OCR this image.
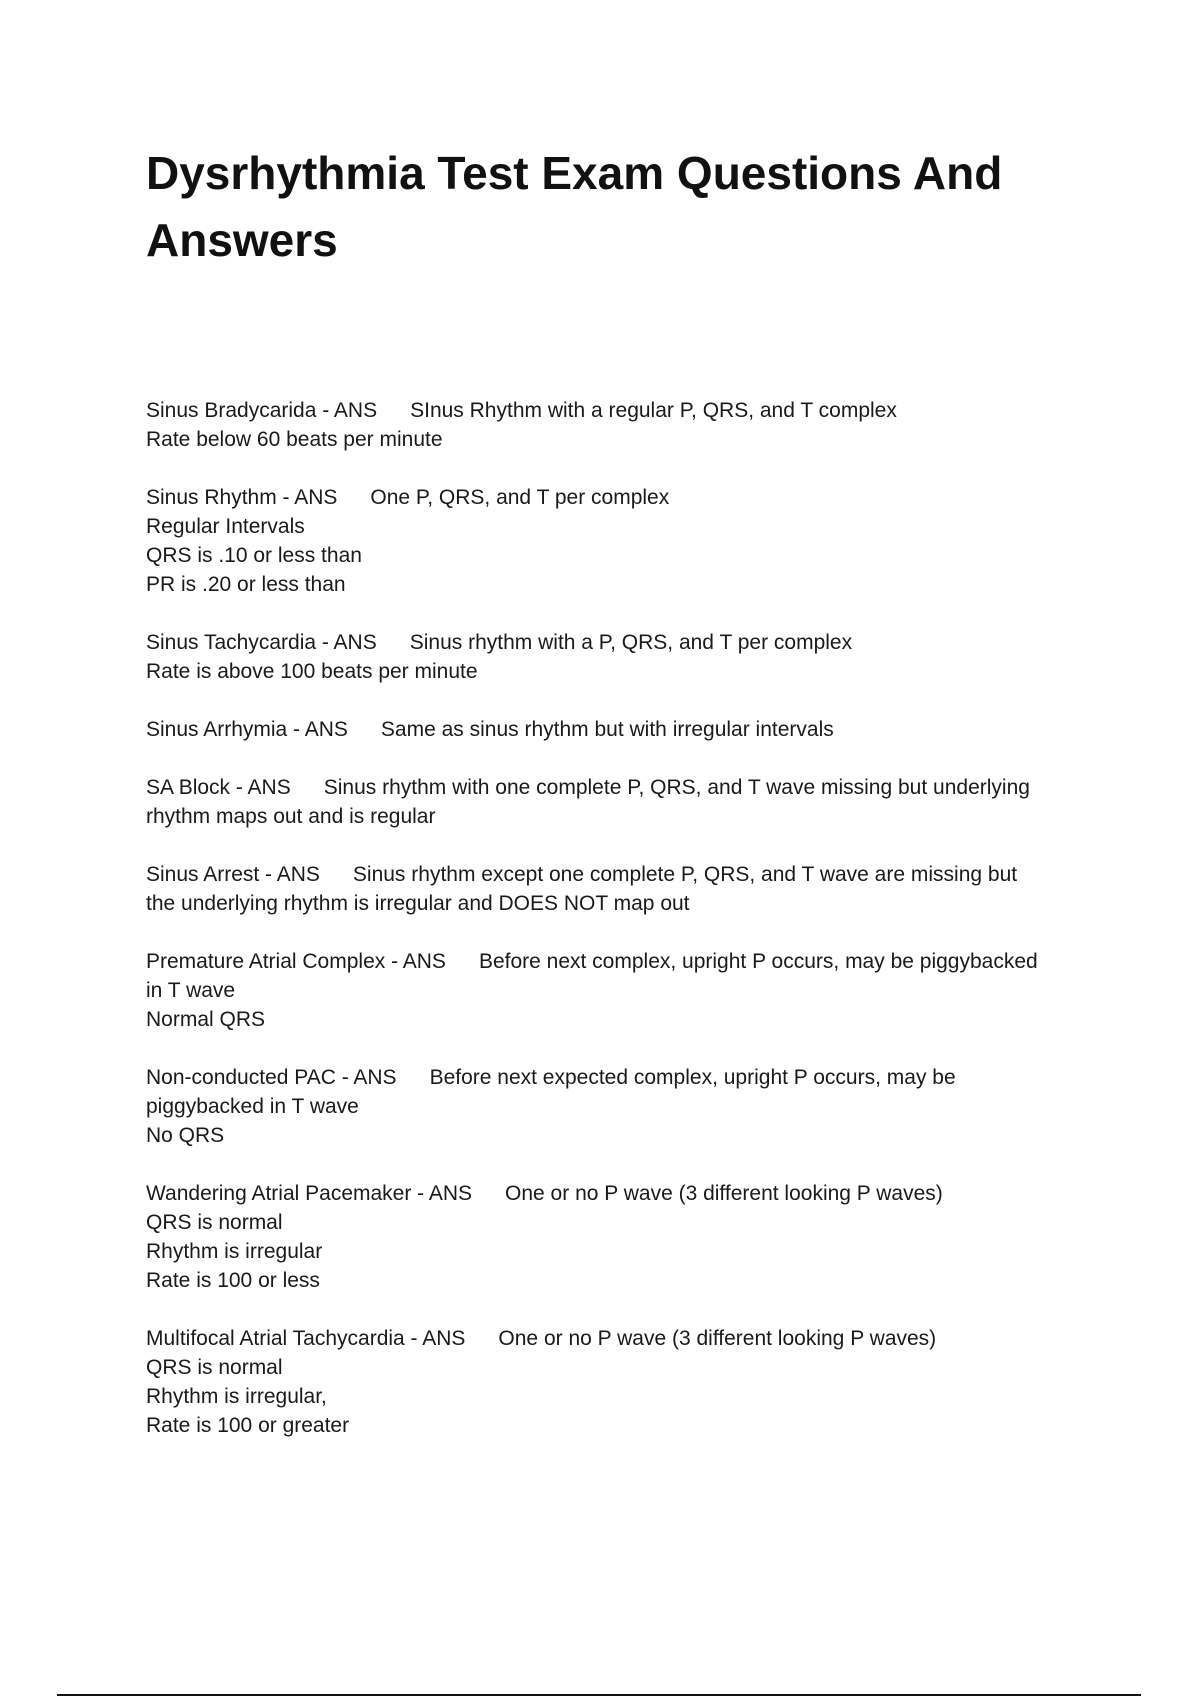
Dysrhythmia Test Exam Questions And Answers
Sinus Bradycarida - ANS SInus Rhythm with a regular P, QRS, and T complex
Rate below 60 beats per minute
Sinus Rhythm - ANS One P, QRS, and T per complex
Regular Intervals
QRS is .10 or less than
PR is .20 or less than
Sinus Tachycardia - ANS Sinus rhythm with a P, QRS, and T per complex
Rate is above 100 beats per minute
Sinus Arrhymia - ANS Same as sinus rhythm but with irregular intervals
SA Block - ANS Sinus rhythm with one complete P, QRS, and T wave missing but underlying
rhythm maps out and is regular
Sinus Arrest - ANS Sinus rhythm except one complete P, QRS, and T wave are missing but
the underlying rhythm is irregular and DOES NOT map out
Premature Atrial Complex - ANS Before next complex, upright P occurs, may be piggybacked
in T wave
Normal QRS
Non-conducted PAC - ANS Before next expected complex, upright P occurs, may be
piggybacked in T wave
No QRS
Wandering Atrial Pacemaker - ANS One or no P wave (3 different looking P waves)
QRS is normal
Rhythm is irregular
Rate is 100 or less
Multifocal Atrial Tachycardia - ANS One or no P wave (3 different looking P waves)
QRS is normal
Rhythm is irregular,
Rate is 100 or greater
